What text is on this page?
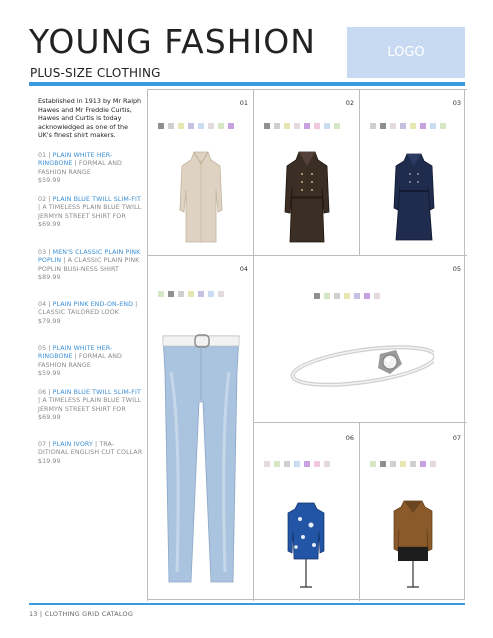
YOUNG FASHION
PLUS-SIZE CLOTHING
LOGO
Established in 1913 by Mr Ralph Hawes and Mr Freddie Curtis, Hawes and Curtis is today acknowledged as one of the UK's finest shirt makers.
01 | PLAIN WHITE HER-RINGBONE | FORMAL AND FASHION RANGE
$59.99
02 | PLAIN BLUE TWILL SLIM-FIT | A TIMELESS PLAIN BLUE TWILL JERMYN STREET SHIRT FOR
$69.99
03 | MEN'S CLASSIC PLAIN PINK POPLIN | A CLASSIC PLAIN PINK POPLIN BUSI-NESS SHIRT
$89.99
04 | PLAIN PINK END-ON-END | CLASSIC TAILORED LOOK
$79.99
05 | PLAIN WHITE HER-RINGBONE | FORMAL AND FASHION RANGE
$59.99
06 | PLAIN BLUE TWILL SLIM-FIT | A TIMELESS PLAIN BLUE TWILL JERMYN STREET SHIRT FOR
$69.99
07 | PLAIN IVORY | TRA-DITIONAL ENGLISH CUT COLLAR
$19.99
01	02	03
04	05
06	07
13 | CLOTHING GRID CATALOG
